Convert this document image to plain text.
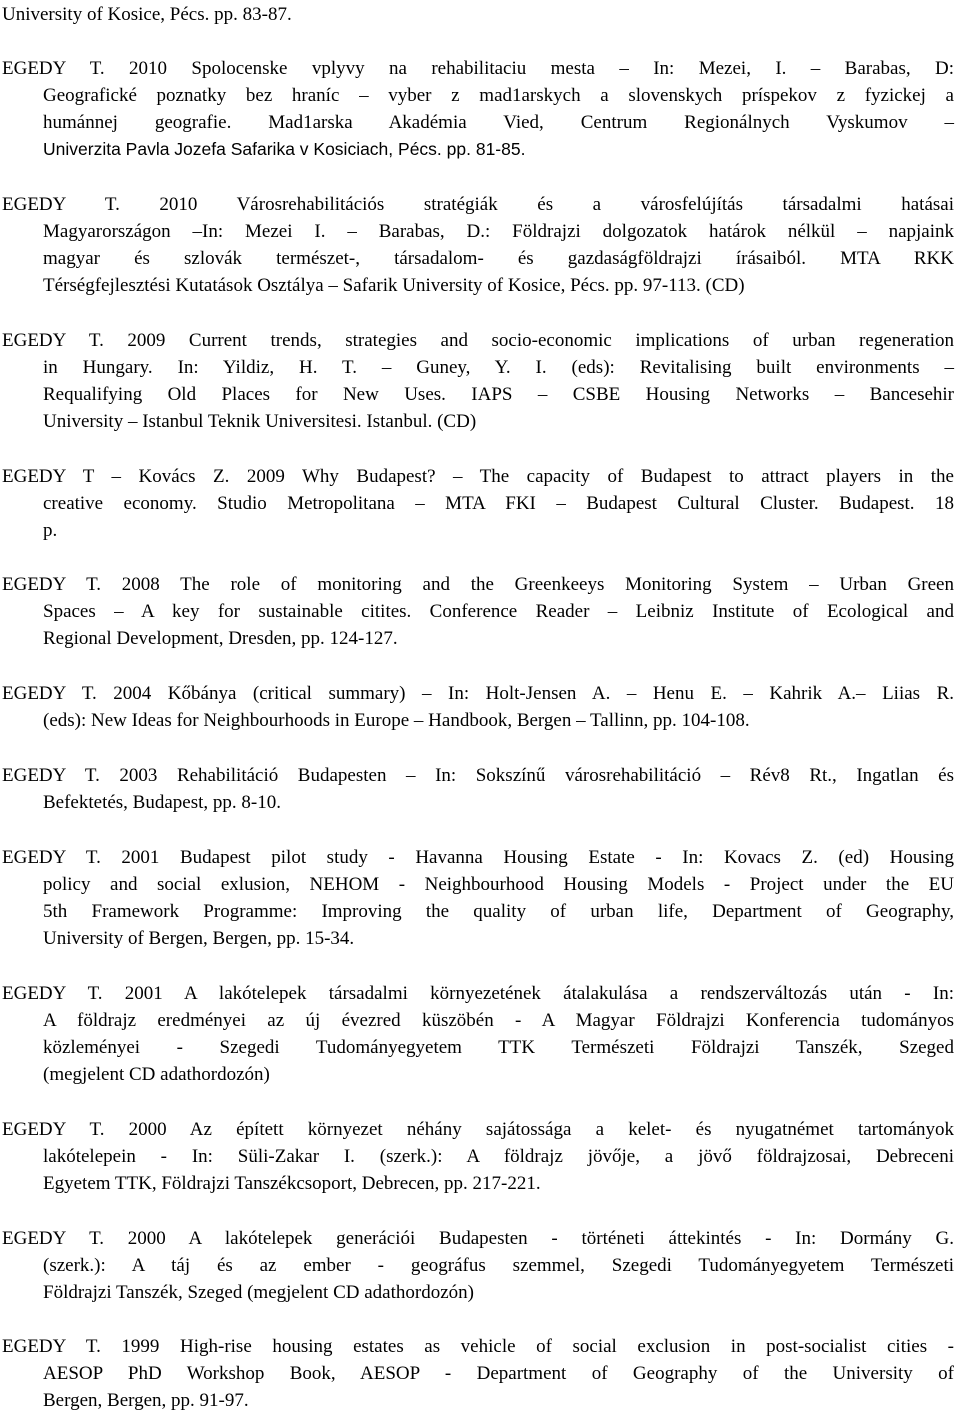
University of Kosice, Pécs. pp. 83-87.
EGEDY T. 2010 Spolocenske vplyvy na rehabilitaciu mesta – In: Mezei, I. – Barabas, D:
Geografické poznatky bez hraníc – vyber z mad1arskych a slovenskych príspekov z fyzickej a
humánnej geografie. Mad1arska Akadémia Vied, Centrum Regionálnych Vyskumov –
Univerzita Pavla Jozefa Safarika v Kosiciach, Pécs. pp. 81-85.
EGEDY T. 2010 Városrehabilitációs stratégiák és a városfelújítás társadalmi hatásai
Magyarországon –In: Mezei I. – Barabas, D.: Földrajzi dolgozatok határok nélkül – napjaink
magyar és szlovák természet-, társadalom- és gazdaságföldrajzi írásaiból. MTA RKK
Térségfejlesztési Kutatások Osztálya – Safarik University of Kosice, Pécs. pp. 97-113. (CD)
EGEDY T. 2009 Current trends, strategies and socio-economic implications of urban regeneration
in Hungary. In: Yildiz, H. T. – Guney, Y. I. (eds): Revitalising built environments –
Requalifying Old Places for New Uses. IAPS – CSBE Housing Networks – Bancesehir
University – Istanbul Teknik Universitesi. Istanbul. (CD)
EGEDY T – Kovács Z. 2009 Why Budapest? – The capacity of Budapest to attract players in the
creative economy. Studio Metropolitana – MTA FKI – Budapest Cultural Cluster. Budapest. 18
p.
EGEDY T. 2008 The role of monitoring and the Greenkeeys Monitoring System – Urban Green
Spaces – A key for sustainable citites. Conference Reader – Leibniz Institute of Ecological and
Regional Development, Dresden, pp. 124-127.
EGEDY T. 2004 Kőbánya (critical summary) – In: Holt-Jensen A. – Henu E. – Kahrik A.– Liias R.
(eds): New Ideas for Neighbourhoods in Europe – Handbook, Bergen – Tallinn, pp. 104-108.
EGEDY T. 2003 Rehabilitáció Budapesten – In: Sokszínű városrehabilitáció – Rév8 Rt., Ingatlan és
Befektetés, Budapest, pp. 8-10.
EGEDY T. 2001 Budapest pilot study - Havanna Housing Estate - In: Kovacs Z. (ed) Housing
policy and social exlusion, NEHOM - Neighbourhood Housing Models - Project under the EU
5th Framework Programme: Improving the quality of urban life, Department of Geography,
University of Bergen, Bergen, pp. 15-34.
EGEDY T. 2001 A lakótelepek társadalmi környezetének átalakulása a rendszerváltozás után - In:
A földrajz eredményei az új évezred küszöbén - A Magyar Földrajzi Konferencia tudományos
közleményei - Szegedi Tudományegyetem TTK Természeti Földrajzi Tanszék, Szeged
(megjelent CD adathordozón)
EGEDY T. 2000 Az épített környezet néhány sajátossága a kelet- és nyugatnémet tartományok
lakótelepein - In: Süli-Zakar I. (szerk.): A földrajz jövője, a jövő földrajzosai, Debreceni
Egyetem TTK, Földrajzi Tanszékcsoport, Debrecen, pp. 217-221.
EGEDY T. 2000 A lakótelepek generációi Budapesten - történeti áttekintés - In: Dormány G.
(szerk.): A táj és az ember - geográfus szemmel, Szegedi Tudományegyetem Természeti
Földrajzi Tanszék, Szeged (megjelent CD adathordozón)
EGEDY T. 1999 High-rise housing estates as vehicle of social exclusion in post-socialist cities -
AESOP PhD Workshop Book, AESOP - Department of Geography of the University of
Bergen, Bergen, pp. 91-97.
